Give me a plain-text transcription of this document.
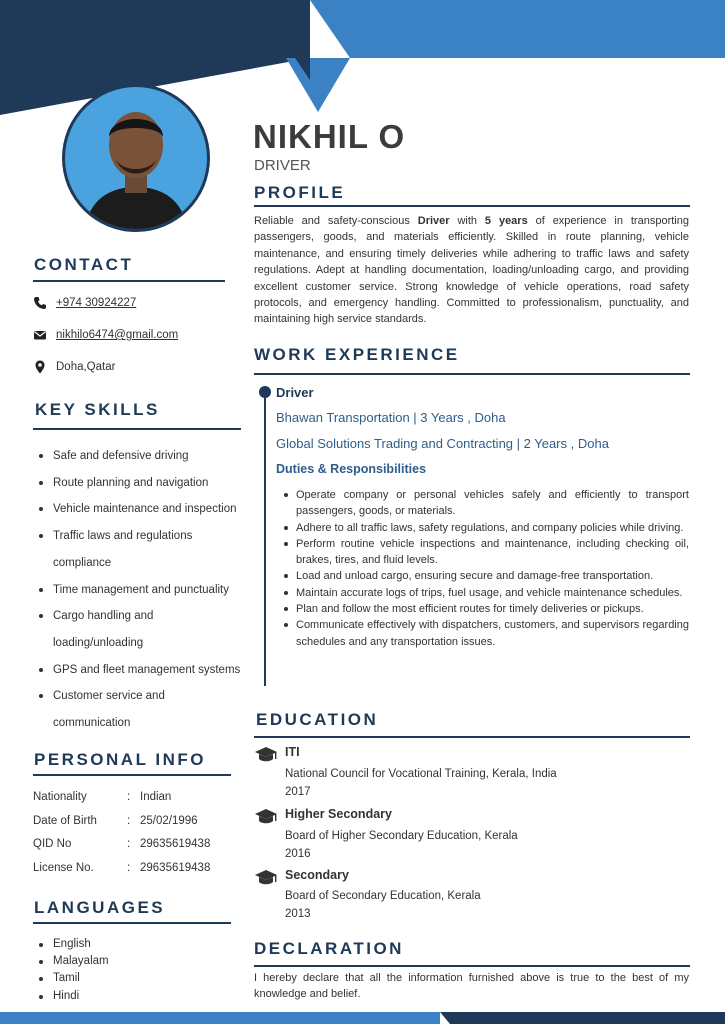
NIKHIL O
DRIVER
PROFILE
Reliable and safety-conscious Driver with 5 years of experience in transporting passengers, goods, and materials efficiently. Skilled in route planning, vehicle maintenance, and ensuring timely deliveries while adhering to traffic laws and safety regulations. Adept at handling documentation, loading/unloading cargo, and providing excellent customer service. Strong knowledge of vehicle operations, road safety protocols, and emergency handling. Committed to professionalism, punctuality, and maintaining high service standards.
WORK EXPERIENCE
Driver
Bhawan Transportation | 3 Years , Doha
Global Solutions Trading and Contracting | 2 Years , Doha
Duties & Responsibilities
Operate company or personal vehicles safely and efficiently to transport passengers, goods, or materials.
Adhere to all traffic laws, safety regulations, and company policies while driving.
Perform routine vehicle inspections and maintenance, including checking oil, brakes, tires, and fluid levels.
Load and unload cargo, ensuring secure and damage-free transportation.
Maintain accurate logs of trips, fuel usage, and vehicle maintenance schedules.
Plan and follow the most efficient routes for timely deliveries or pickups.
Communicate effectively with dispatchers, customers, and supervisors regarding schedules and any transportation issues.
EDUCATION
ITI
National Council for Vocational Training, Kerala, India
2017
Higher Secondary
Board of Higher Secondary Education, Kerala
2016
Secondary
Board of Secondary Education, Kerala
2013
DECLARATION
I hereby declare that all the information furnished above is true to the best of my knowledge and belief.
CONTACT
+974 30924227
nikhilo6474@gmail.com
Doha,Qatar
KEY SKILLS
Safe and defensive driving
Route planning and navigation
Vehicle maintenance and inspection
Traffic laws and regulations
compliance
Time management and punctuality
Cargo handling and
loading/unloading
GPS and fleet management systems
Customer service and
communication
PERSONAL INFO
Nationality	: Indian
Date of Birth	: 25/02/1996
QID No	: 29635619438
License No.	: 29635619438
LANGUAGES
English
Malayalam
Tamil
Hindi
